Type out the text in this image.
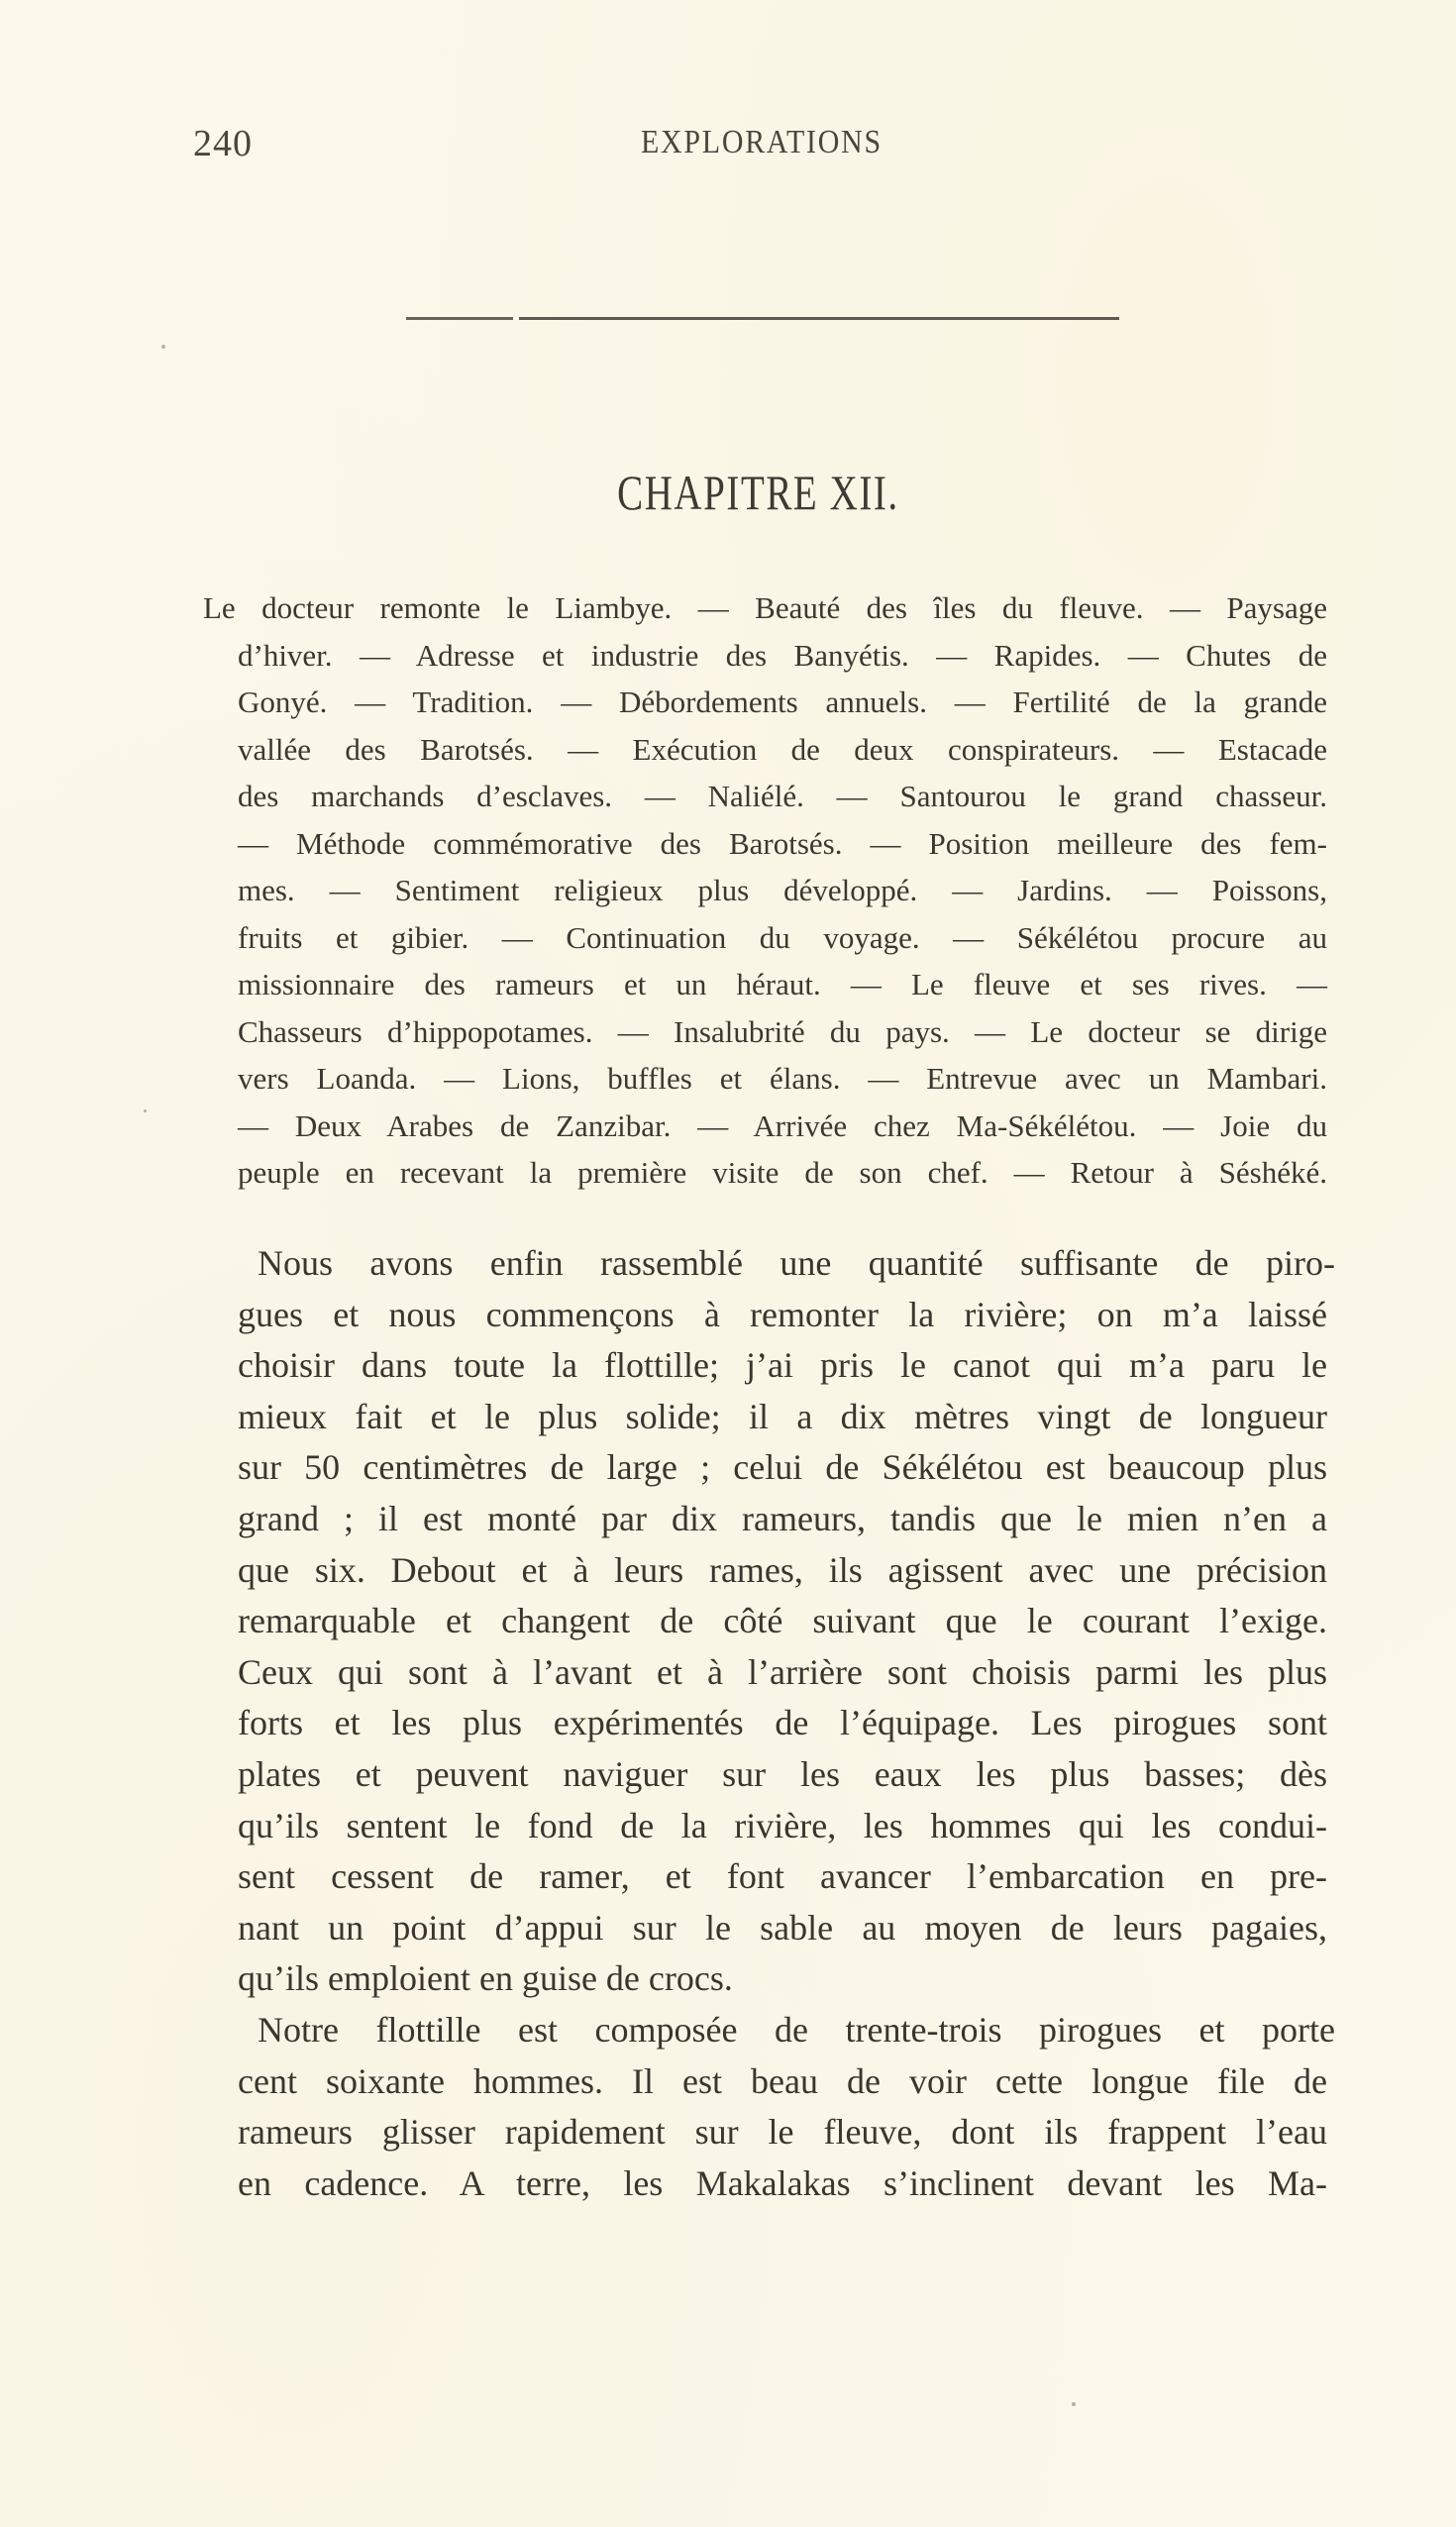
240	EXPLORATIONS
CHAPITRE XII.
Le docteur remonte le Liambye. — Beauté des îles du fleuve. — Paysage
d’hiver. — Adresse et industrie des Banyétis. — Rapides. — Chutes de
Gonyé. — Tradition. — Débordements annuels. — Fertilité de la grande
vallée des Barotsés. — Exécution de deux conspirateurs. — Estacade
des marchands d’esclaves. — Naliélé. — Santourou le grand chasseur.
— Méthode commémorative des Barotsés. — Position meilleure des fem-
mes. — Sentiment religieux plus développé. — Jardins. — Poissons,
fruits et gibier. — Continuation du voyage. — Sékélétou procure au
missionnaire des rameurs et un héraut. — Le fleuve et ses rives. —
Chasseurs d’hippopotames. — Insalubrité du pays. — Le docteur se dirige
vers Loanda. — Lions, buffles et élans. — Entrevue avec un Mambari.
— Deux Arabes de Zanzibar. — Arrivée chez Ma-Sékélétou. — Joie du
peuple en recevant la première visite de son chef. — Retour à Séshéké.
Nous avons enfin rassemblé une quantité suffisante de piro-
gues et nous commençons à remonter la rivière; on m’a laissé
choisir dans toute la flottille; j’ai pris le canot qui m’a paru le
mieux fait et le plus solide; il a dix mètres vingt de longueur
sur 50 centimètres de large ; celui de Sékélétou est beaucoup plus
grand ; il est monté par dix rameurs, tandis que le mien n’en a
que six. Debout et à leurs rames, ils agissent avec une précision
remarquable et changent de côté suivant que le courant l’exige.
Ceux qui sont à l’avant et à l’arrière sont choisis parmi les plus
forts et les plus expérimentés de l’équipage. Les pirogues sont
plates et peuvent naviguer sur les eaux les plus basses; dès
qu’ils sentent le fond de la rivière, les hommes qui les condui-
sent cessent de ramer, et font avancer l’embarcation en pre-
nant un point d’appui sur le sable au moyen de leurs pagaies,
qu’ils emploient en guise de crocs.
Notre flottille est composée de trente-trois pirogues et porte
cent soixante hommes. Il est beau de voir cette longue file de
rameurs glisser rapidement sur le fleuve, dont ils frappent l’eau
en cadence. A terre, les Makalakas s’inclinent devant les Ma-
